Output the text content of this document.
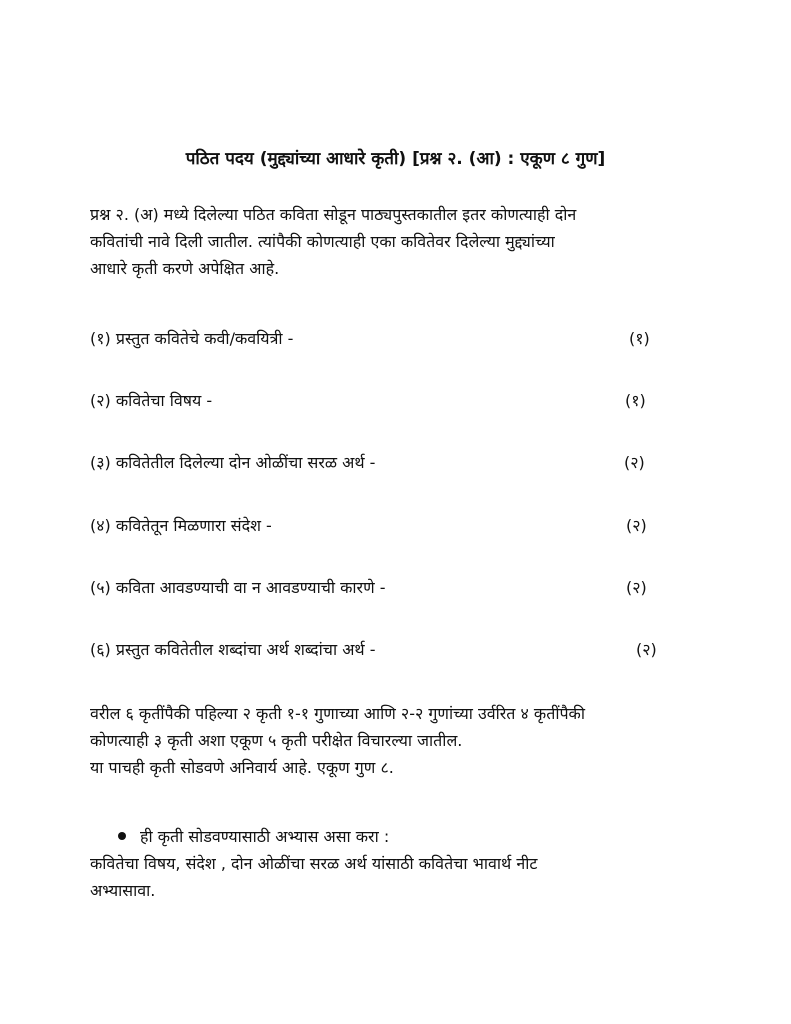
पठित पदय (मुद्द्यांच्या आधारे कृती) [प्रश्न २. (आ) : एकूण ८ गुण]
प्रश्न २. (अ) मध्ये दिलेल्या पठित कविता सोडून पाठ्यपुस्तकातील इतर कोणत्याही दोन
कवितांची नावे दिली जातील. त्यांपैकी कोणत्याही एका कवितेवर दिलेल्या मुद्द्यांच्या
आधारे कृती करणे अपेक्षित आहे.
(१) प्रस्तुत कवितेचे कवी/कवयित्री -	(१)
(२) कवितेचा विषय -	(१)
(३) कवितेतील दिलेल्या दोन ओळींचा सरळ अर्थ -	(२)
(४) कवितेतून मिळणारा संदेश -	(२)
(५) कविता आवडण्याची वा न आवडण्याची कारणे -	(२)
(६) प्रस्तुत कवितेतील शब्दांचा अर्थ शब्दांचा अर्थ -	(२)
वरील ६ कृतींपैकी पहिल्या २ कृती १-१ गुणाच्या आणि २-२ गुणांच्या उर्वरित ४ कृतींपैकी
कोणत्याही ३ कृती अशा एकूण ५ कृती परीक्षेत विचारल्या जातील.
या पाचही कृती सोडवणे अनिवार्य आहे. एकूण गुण ८.
ही कृती सोडवण्यासाठी अभ्यास असा करा :
कवितेचा विषय, संदेश , दोन ओळींचा सरळ अर्थ यांसाठी कवितेचा भावार्थ नीट
अभ्यासावा.
